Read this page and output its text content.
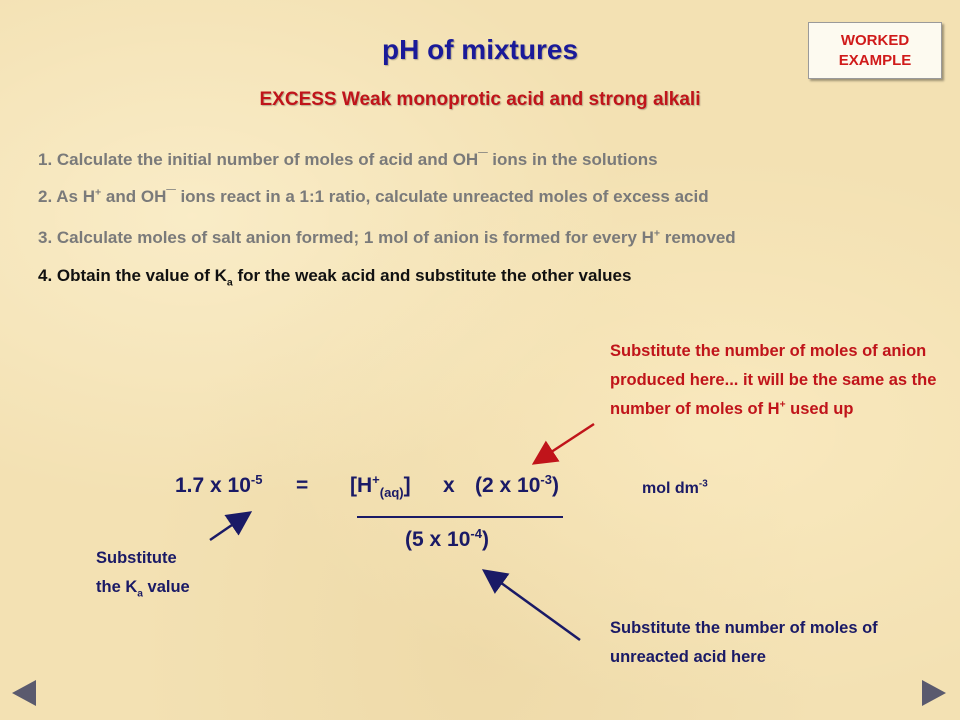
pH of mixtures
EXCESS Weak monoprotic acid and strong alkali
WORKED
EXAMPLE
1. Calculate the initial number of moles of acid and OH¯ ions in the solutions
2. As H+ and OH¯ ions react in a 1:1 ratio, calculate unreacted moles of excess acid
3. Calculate moles of salt anion formed; 1 mol of anion is formed for every H+ removed
4. Obtain the value of $K_a$ for the weak acid and substitute the other values
Substitute the number of moles of anion produced here... it will be the same as the number of moles of H+ used up
1.7 x $10^{-5} = [H^+_{(aq)}]$ x (2 x $10^{-3}$)	mol $dm^{-3}$
(5 x $10^{-4}$)
Substitute
the $K_a$ value
Substitute the number of moles of unreacted acid here
